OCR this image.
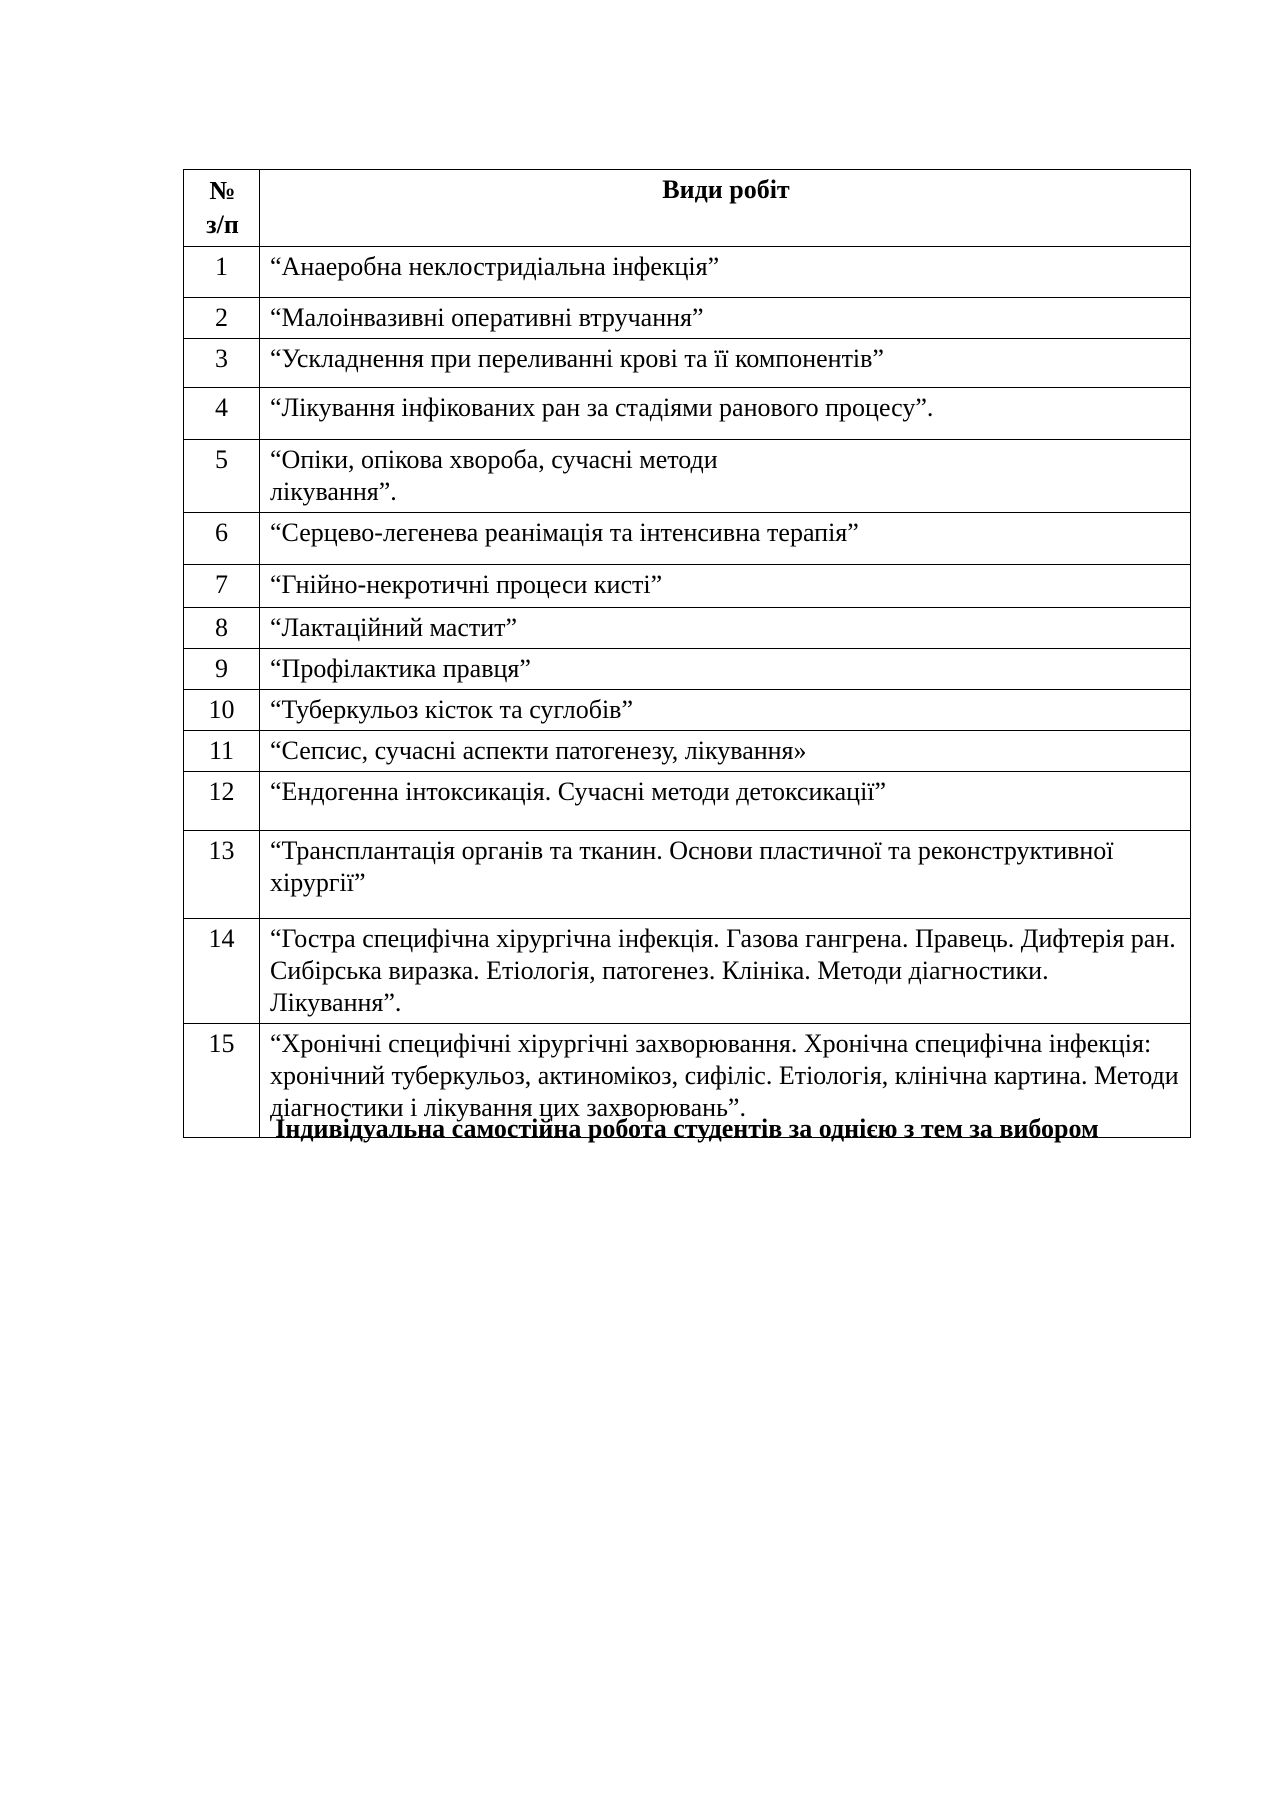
№
з/п	Види робіт
1	“Анаеробна неклостридіальна інфекція”
2	“Малоінвазивні оперативні втручання”
3	“Ускладнення при переливанні крові та її компонентів”
4	“Лікування інфікованих ран за стадіями ранового процесу”.
5	“Опіки, опікова хвороба, сучасні методи
лікування”.

6	“Серцево-легенева реанімація та інтенсивна терапія”
7	“Гнійно-некротичні процеси кисті”
8	“Лактаційний мастит”
9	“Профілактика правця”
10	“Туберкульоз кісток та суглобів”
11	“Сепсис, сучасні аспекти патогенезу, лікування»
12	“Ендогенна інтоксикація. Сучасні методи детоксикації”
13	“Трансплантація органів та тканин. Основи пластичної та реконструктивної хірургії”
14	“Гостра специфічна хірургічна інфекція. Газова гангрена. Правець. Дифтерія ран. Сибірська виразка. Етіологія, патогенез. Клініка. Методи діагностики. Лікування”.
15	“Хронічні специфічні хірургічні захворювання. Хронічна специфічна інфекція: хронічний туберкульоз, актиномікоз, сифіліс. Етіологія, клінічна картина. Методи діагностики і лікування цих захворювань”.
Індивідуальна самостійна робота студентів за однією з тем за вибором
